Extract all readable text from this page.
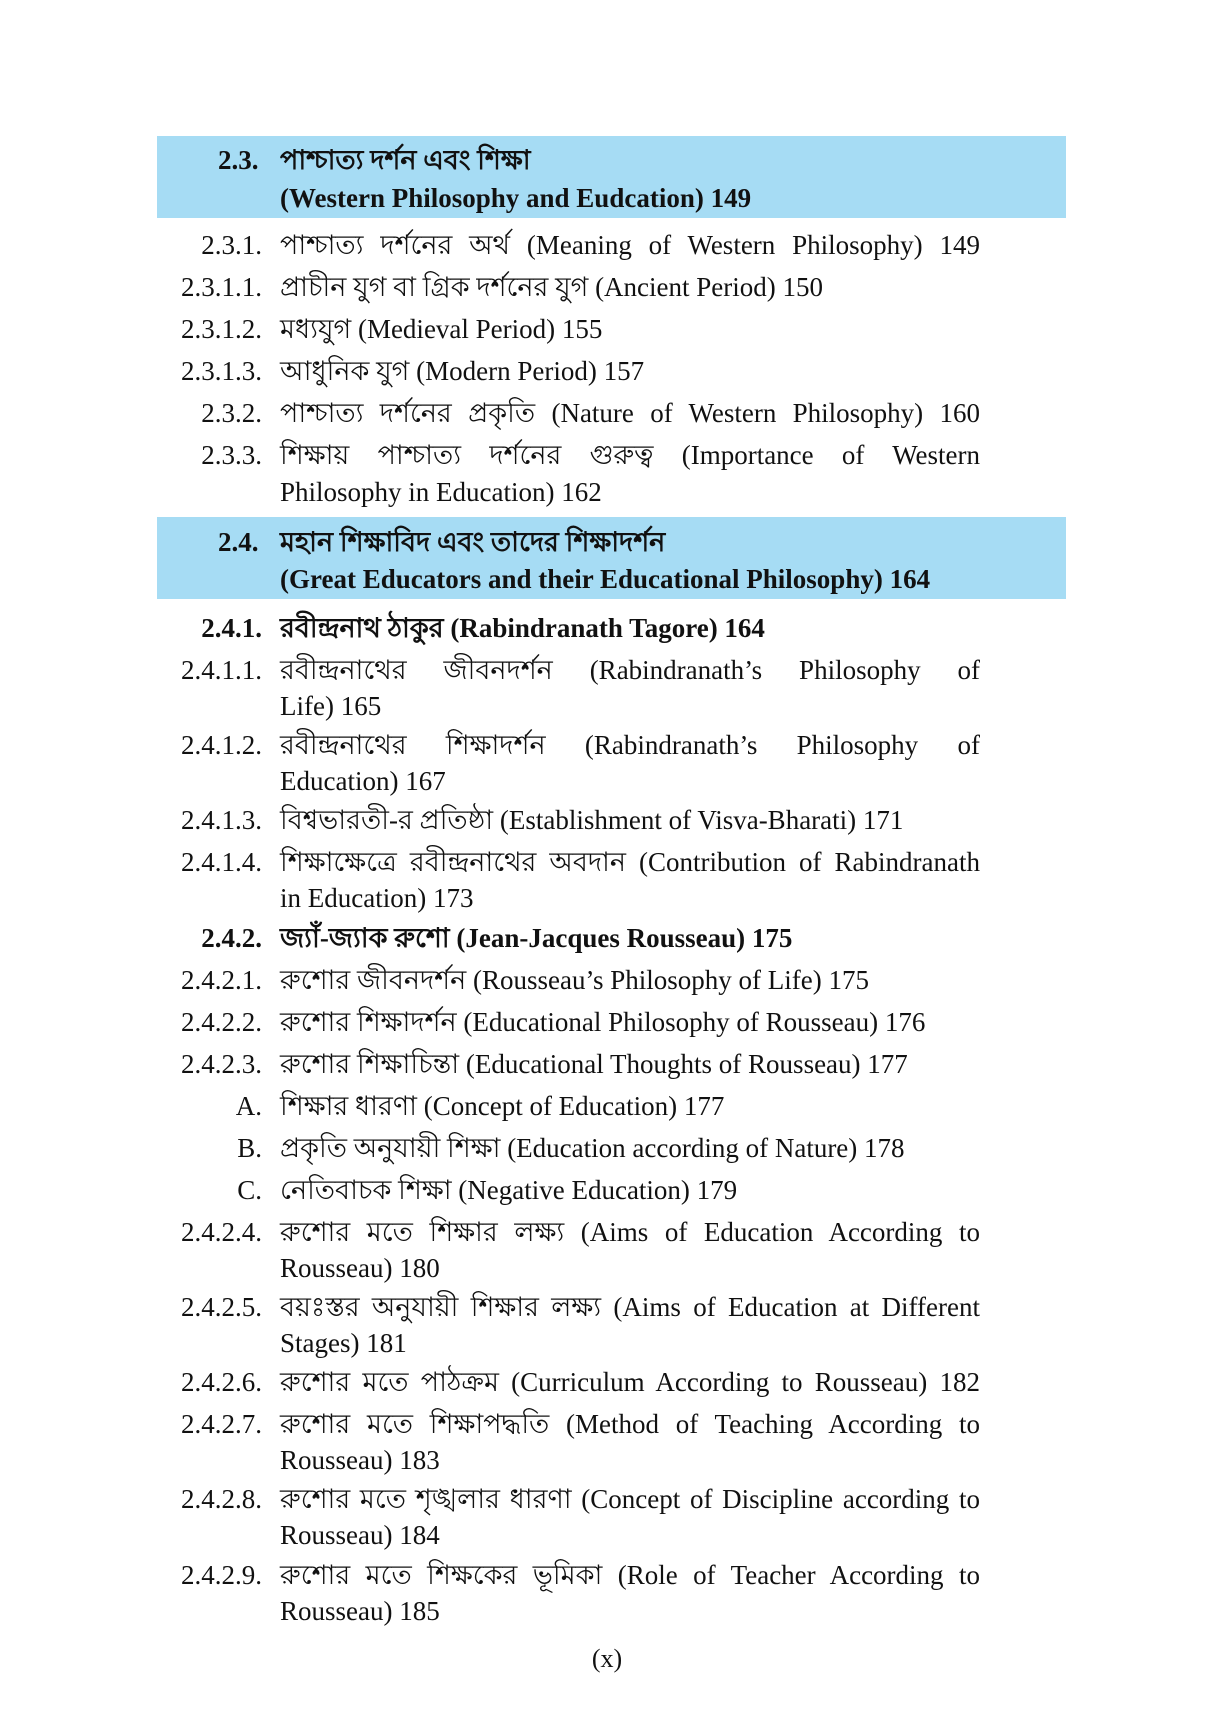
2.3. পাশ্চাত্য দর্শন এবং শিক্ষা
(Western Philosophy and Eudcation) 149
2.3.1. পাশ্চাত্য দর্শনের অর্থ (Meaning of Western Philosophy) 149
2.3.1.1. প্রাচীন যুগ বা গ্রিক দর্শনের যুগ (Ancient Period) 150
2.3.1.2. মধ্যযুগ (Medieval Period) 155
2.3.1.3. আধুনিক যুগ (Modern Period) 157
2.3.2. পাশ্চাত্য দর্শনের প্রকৃতি (Nature of Western Philosophy) 160
2.3.3. শিক্ষায় পাশ্চাত্য দর্শনের গুরুত্ব (Importance of Western
Philosophy in Education) 162
2.4. মহান শিক্ষাবিদ এবং তাদের শিক্ষাদর্শন
(Great Educators and their Educational Philosophy) 164
2.4.1. রবীন্দ্রনাথ ঠাকুর (Rabindranath Tagore) 164
2.4.1.1. রবীন্দ্রনাথের জীবনদর্শন (Rabindranath’s Philosophy of
Life) 165
2.4.1.2. রবীন্দ্রনাথের শিক্ষাদর্শন (Rabindranath’s Philosophy of
Education) 167
2.4.1.3. বিশ্বভারতী-র প্রতিষ্ঠা (Establishment of Visva-Bharati) 171
2.4.1.4. শিক্ষাক্ষেত্রে রবীন্দ্রনাথের অবদান (Contribution of Rabindranath
in Education) 173
2.4.2. জ্যাঁ-জ্যাক রুশো (Jean-Jacques Rousseau) 175
2.4.2.1. রুশোর জীবনদর্শন (Rousseau’s Philosophy of Life) 175
2.4.2.2. রুশোর শিক্ষাদর্শন (Educational Philosophy of Rousseau) 176
2.4.2.3. রুশোর শিক্ষাচিন্তা (Educational Thoughts of Rousseau) 177
A. শিক্ষার ধারণা (Concept of Education) 177
B. প্রকৃতি অনুযায়ী শিক্ষা (Education according of Nature) 178
C. নেতিবাচক শিক্ষা (Negative Education) 179
2.4.2.4. রুশোর মতে শিক্ষার লক্ষ্য (Aims of Education According to
Rousseau) 180
2.4.2.5. বয়ঃস্তর অনুযায়ী শিক্ষার লক্ষ্য (Aims of Education at Different
Stages) 181
2.4.2.6. রুশোর মতে পাঠক্রম (Curriculum According to Rousseau) 182
2.4.2.7. রুশোর মতে শিক্ষাপদ্ধতি (Method of Teaching According to
Rousseau) 183
2.4.2.8. রুশোর মতে শৃঙ্খলার ধারণা (Concept of Discipline according to
Rousseau) 184
2.4.2.9. রুশোর মতে শিক্ষকের ভূমিকা (Role of Teacher According to
Rousseau) 185
(x)
